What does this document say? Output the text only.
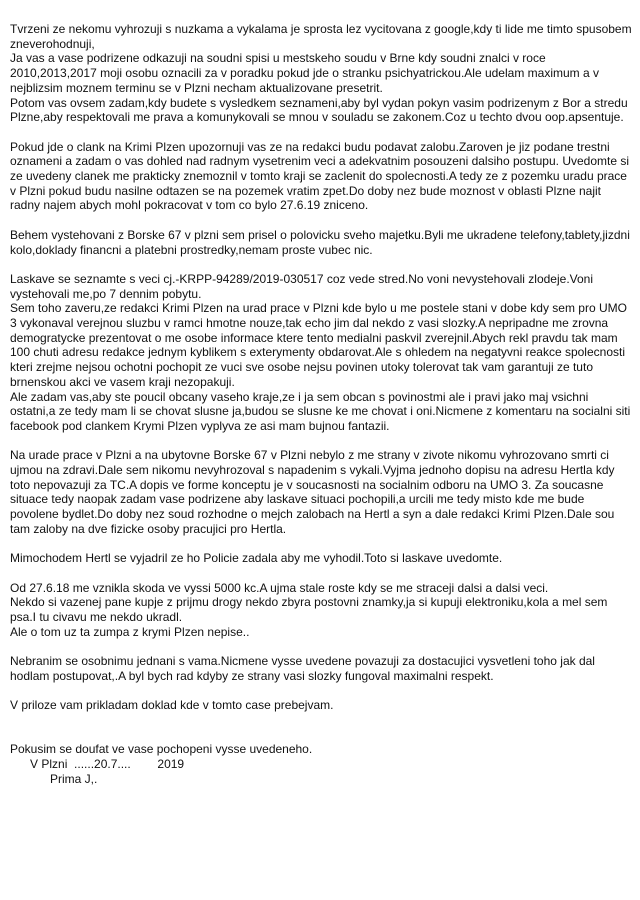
Tvrzeni ze nekomu vyhrozuji s nuzkama a vykalama je sprosta lez vycitovana z google,kdy ti lide me timto spusobem zneverohodnuji,
Ja vas a vase podrizene odkazuji na soudni spisi u mestskeho soudu v Brne kdy soudni znalci v roce 2010,2013,2017 moji osobu oznacili za v poradku pokud jde o stranku psichyatrickou.Ale udelam maximum a v nejblizsim moznem terminu se v Plzni necham aktualizovane presetrit.
Potom vas ovsem zadam,kdy budete s vysledkem seznameni,aby byl vydan pokyn vasim podrizenym z Bor a stredu Plzne,aby respektovali me prava a komunykovali se mnou v souladu se zakonem.Coz u techto dvou oop.apsentuje.

Pokud jde o clank na Krimi Plzen upozornuji vas ze na redakci budu podavat zalobu.Zaroven je jiz podane trestni oznameni a zadam o vas dohled nad radnym vysetrenim veci a adekvatnim posouzeni dalsiho postupu. Uvedomte si ze uvedeny clanek me prakticky znemoznil v tomto kraji se zaclenit do spolecnosti.A tedy ze z pozemku uradu prace v Plzni pokud budu nasilne odtazen se na pozemek vratim zpet.Do doby nez bude moznost v oblasti Plzne najit radny najem abych mohl pokracovat v tom co bylo 27.6.19 zniceno.

Behem vystehovani z Borske 67 v plzni sem prisel o polovicku sveho majetku.Byli me ukradene telefony,tablety,jizdni kolo,doklady financni a platebni prostredky,nemam proste vubec nic.

Laskave se seznamte s veci cj.-KRPP-94289/2019-030517 coz vede stred.No voni nevystehovali zlodeje.Voni vystehovali me,po 7 dennim pobytu.
Sem toho zaveru,ze redakci Krimi Plzen na urad prace v Plzni kde bylo u me postele stani v dobe kdy sem pro UMO 3 vykonaval verejnou sluzbu v ramci hmotne nouze,tak echo jim dal nekdo z vasi slozky.A nepripadne me zrovna demogratycke prezentovat o me osobe informace ktere tento medialni paskvil zverejnil.Abych rekl pravdu tak mam 100 chuti adresu redakce jednym kyblikem s exterymenty obdarovat.Ale s ohledem na negatyvni reakce spolecnosti kteri zrejme nejsou ochotni pochopit ze vuci sve osobe nejsu povinen utoky tolerovat tak vam garantuji ze tuto brnenskou akci ve vasem kraji nezopakuji.
Ale zadam vas,aby ste poucil obcany vaseho kraje,ze i ja sem obcan s povinostmi ale i pravi jako maj vsichni ostatni,a ze tedy mam li se chovat slusne ja,budou se slusne ke me chovat i oni.Nicmene z komentaru na socialni siti facebook pod clankem Krymi Plzen vyplyva ze asi mam bujnou fantazii.

Na urade prace v Plzni a na ubytovne Borske 67 v Plzni nebylo z me strany v zivote nikomu vyhrozovano smrti ci ujmou na zdravi.Dale sem nikomu nevyhrozoval s napadenim s vykali.Vyjma jednoho dopisu na adresu Hertla kdy toto nepovazuji za TC.A dopis ve forme konceptu je v soucasnosti na socialnim odboru na UMO 3. Za soucasne situace tedy naopak zadam vase podrizene aby laskave situaci pochopili,a urcili me tedy misto kde me bude povolene bydlet.Do doby nez soud rozhodne o mejch zalobach na Hertl a syn a dale redakci Krimi Plzen.Dale sou tam zaloby na dve fizicke osoby pracujici pro Hertla.

Mimochodem Hertl se vyjadril ze ho Policie zadala aby me vyhodil.Toto si laskave uvedomte.

Od 27.6.18 me vznikla skoda ve vyssi 5000 kc.A ujma stale roste kdy se me straceji dalsi a dalsi veci.
Nekdo si vazenej pane kupje z prijmu drogy nekdo zbyra postovni znamky,ja si kupuji elektroniku,kola a mel sem psa.I tu civavu me nekdo ukradl.
Ale o tom uz ta zumpa z krymi Plzen nepise..

Nebranim se osobnimu jednani s vama.Nicmene vysse uvedene povazuji za dostacujici vysvetleni toho jak dal hodlam postupovat,.A byl bych rad kdyby ze strany vasi slozky fungoval maximalni respekt.

V priloze vam prikladam doklad kde v tomto case prebejvam.

Pokusim se doufat ve vase pochopeni vysse uvedeneho.

V Plzni  ......20.7....        2019

Prima J,.
